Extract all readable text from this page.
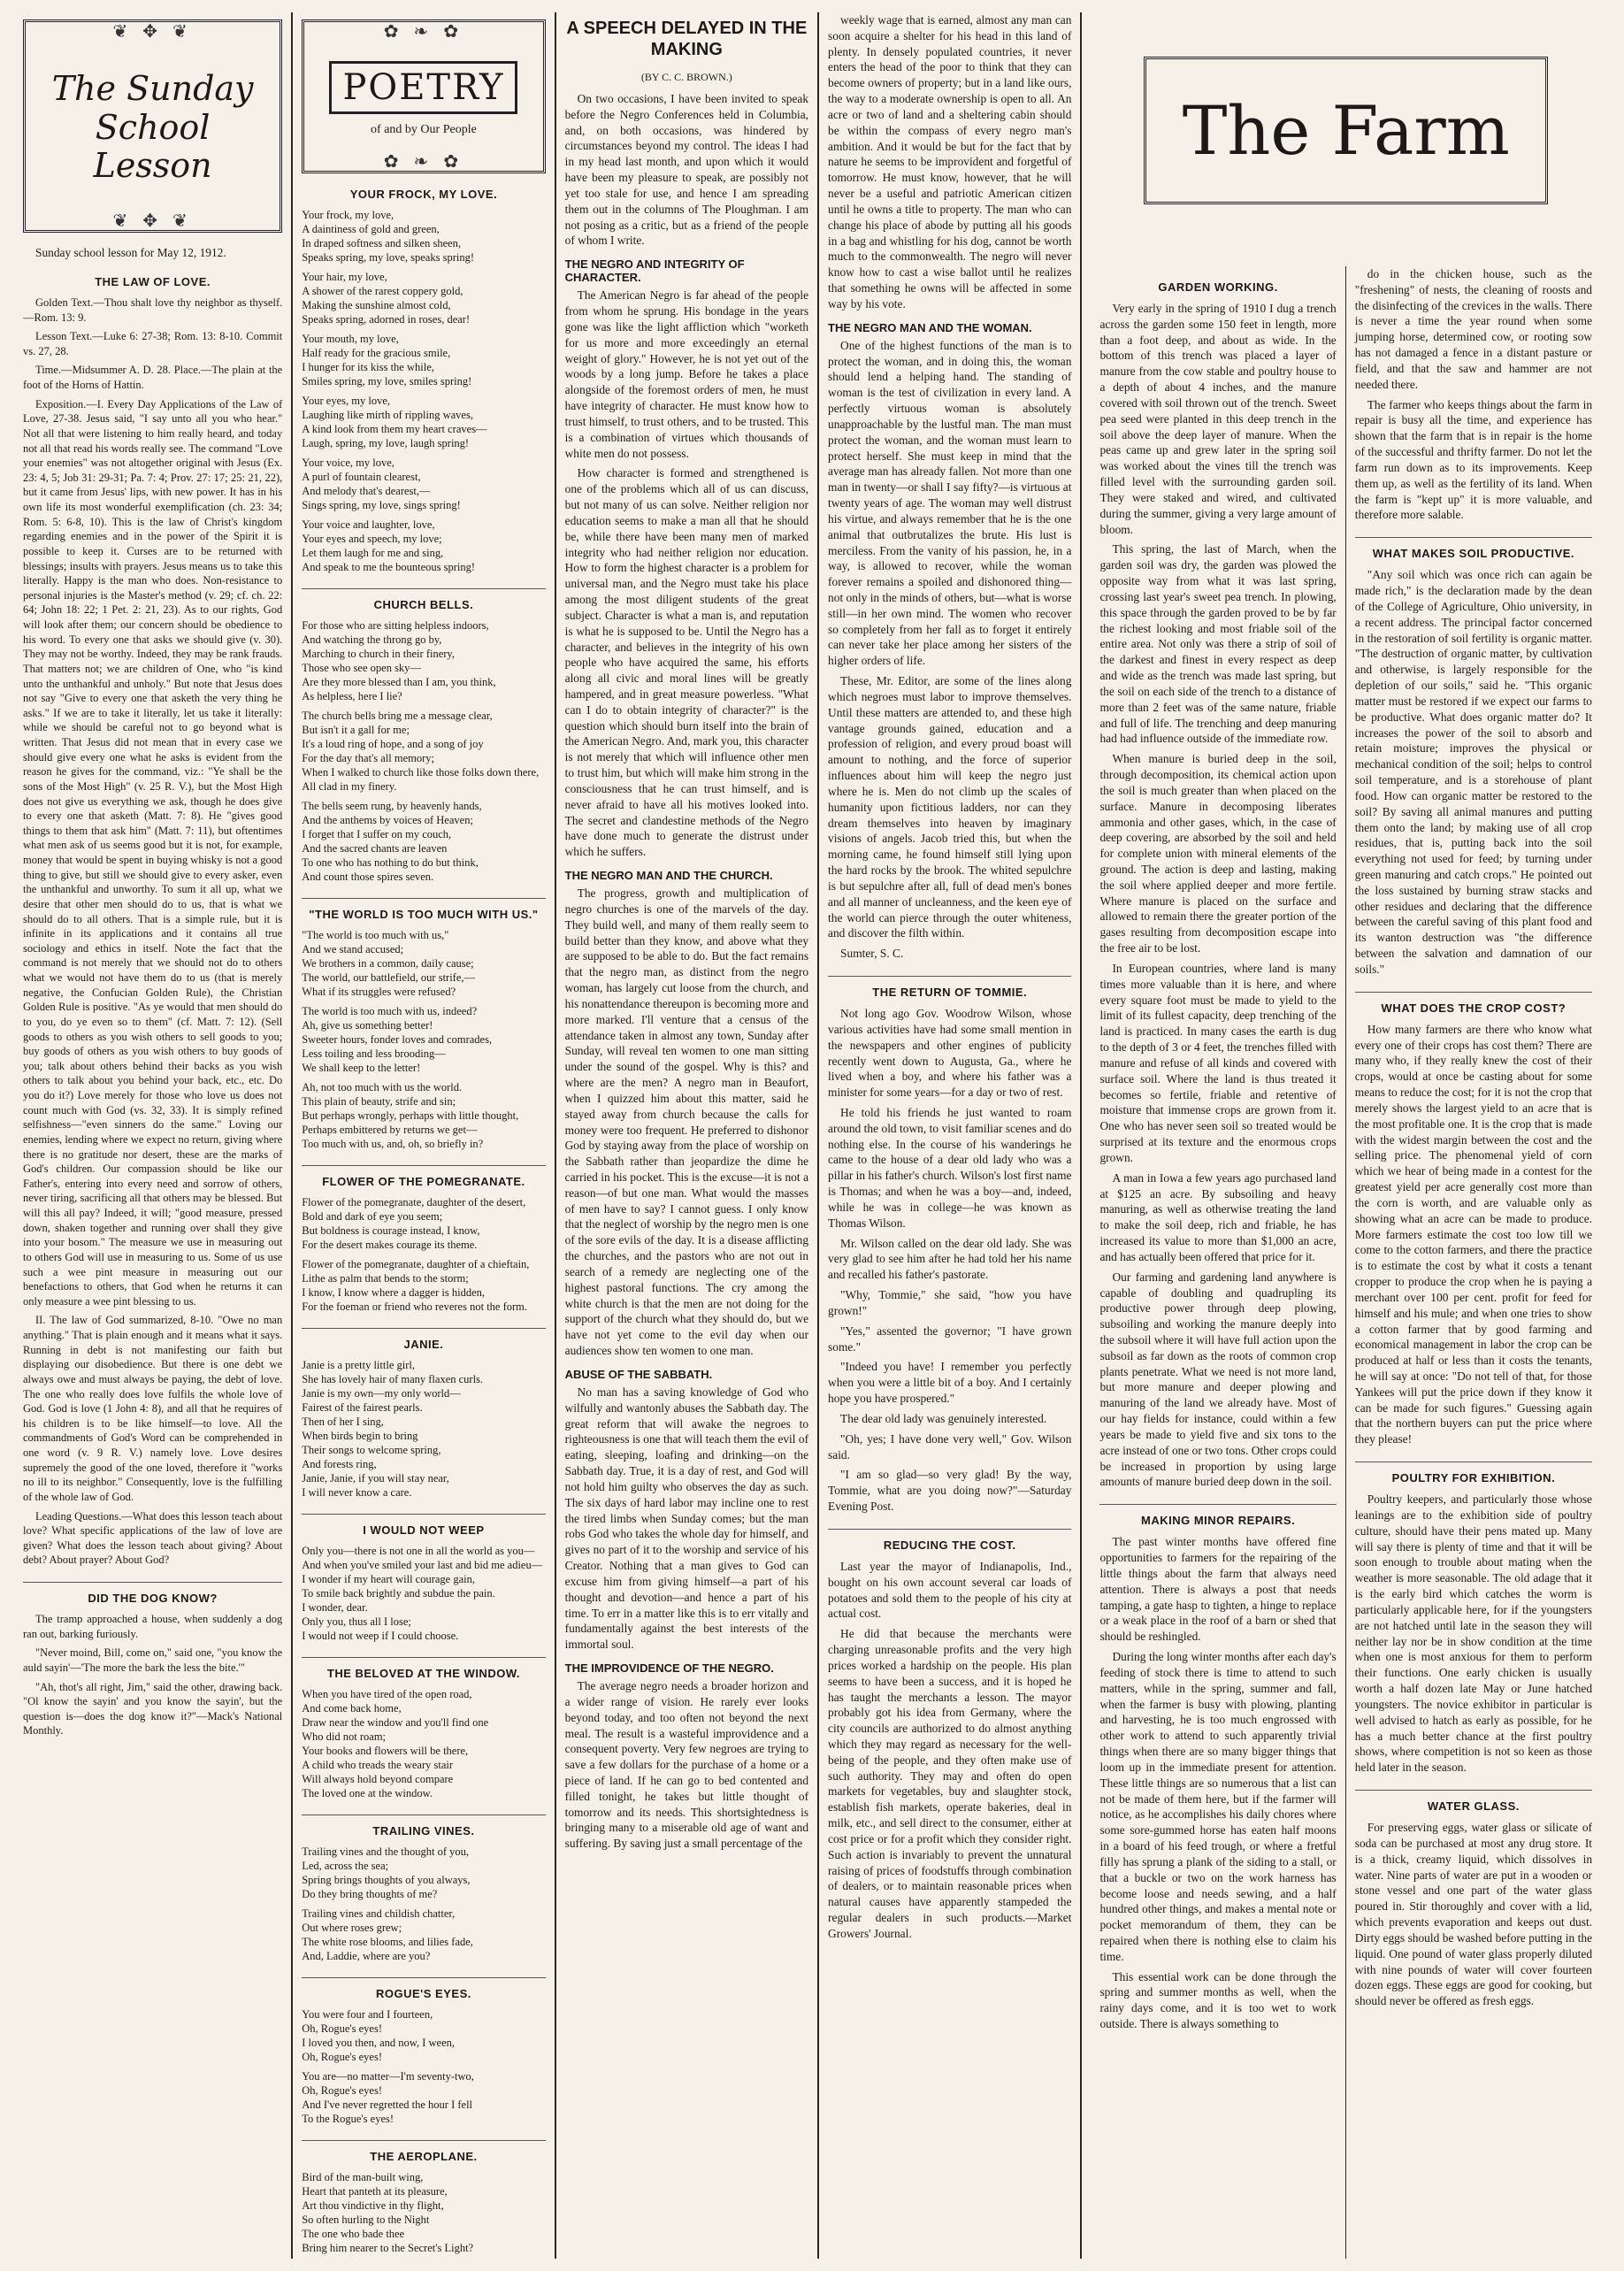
❦ ✥ ❦
The Sunday
School Lesson
❦ ✥ ❦

Sunday school lesson for May 12, 1912.

THE LAW OF LOVE.

Golden Text.—Thou shalt love thy neighbor as thyself.—Rom. 13: 9.

Lesson Text.—Luke 6: 27-38; Rom. 13: 8-10. Commit vs. 27, 28.

Time.—Midsummer A. D. 28. Place.—The plain at the foot of the Horns of Hattin.

Exposition.—I. Every Day Applications of the Law of Love, 27-38. Jesus said, "I say unto all you who hear." Not all that were listening to him really heard, and today not all that read his words really see. The command "Love your enemies" was not altogether original with Jesus (Ex. 23: 4, 5; Job 31: 29-31; Pa. 7: 4; Prov. 27: 17; 25: 21, 22), but it came from Jesus' lips, with new power. It has in his own life its most wonderful exemplification (ch. 23: 34; Rom. 5: 6-8, 10). This is the law of Christ's kingdom regarding enemies and in the power of the Spirit it is possible to keep it. Curses are to be returned with blessings; insults with prayers. Jesus means us to take this literally. Happy is the man who does. Non-resistance to personal injuries is the Master's method (v. 29; cf. ch. 22: 64; John 18: 22; 1 Pet. 2: 21, 23). As to our rights, God will look after them; our concern should be obedience to his word. To every one that asks we should give (v. 30). They may not be worthy. Indeed, they may be rank frauds. That matters not; we are children of One, who "is kind unto the unthankful and unholy." But note that Jesus does not say "Give to every one that asketh the very thing he asks." If we are to take it literally, let us take it literally: while we should be careful not to go beyond what is written. That Jesus did not mean that in every case we should give every one what he asks is evident from the reason he gives for the command, viz.: "Ye shall be the sons of the Most High" (v. 25 R. V.), but the Most High does not give us everything we ask, though he does give to every one that asketh (Matt. 7: 8). He "gives good things to them that ask him" (Matt. 7: 11), but oftentimes what men ask of us seems good but it is not, for example, money that would be spent in buying whisky is not a good thing to give, but still we should give to every asker, even the unthankful and unworthy. To sum it all up, what we desire that other men should do to us, that is what we should do to all others. That is a simple rule, but it is infinite in its applications and it contains all true sociology and ethics in itself. Note the fact that the command is not merely that we should not do to others what we would not have them do to us (that is merely negative, the Confucian Golden Rule), the Christian Golden Rule is positive. "As ye would that men should do to you, do ye even so to them" (cf. Matt. 7: 12). (Sell goods to others as you wish others to sell goods to you; buy goods of others as you wish others to buy goods of you; talk about others behind their backs as you wish others to talk about you behind your back, etc., etc. Do you do it?) Love merely for those who love us does not count much with God (vs. 32, 33). It is simply refined selfishness—"even sinners do the same." Loving our enemies, lending where we expect no return, giving where there is no gratitude nor desert, these are the marks of God's children. Our compassion should be like our Father's, entering into every need and sorrow of others, never tiring, sacrificing all that others may be blessed. But will this all pay? Indeed, it will; "good measure, pressed down, shaken together and running over shall they give into your bosom." The measure we use in measuring out to others God will use in measuring to us. Some of us use such a wee pint measure in measuring out our benefactions to others, that God when he returns it can only measure a wee pint blessing to us.

II. The law of God summarized, 8-10. "Owe no man anything." That is plain enough and it means what it says. Running in debt is not manifesting our faith but displaying our disobedience. But there is one debt we always owe and must always be paying, the debt of love. The one who really does love fulfils the whole love of God. God is love (1 John 4: 8), and all that he requires of his children is to be like himself—to love. All the commandments of God's Word can be comprehended in one word (v. 9 R. V.) namely love. Love desires supremely the good of the one loved, therefore it "works no ill to its neighbor." Consequently, love is the fulfilling of the whole law of God.

Leading Questions.—What does this lesson teach about love? What specific applications of the law of love are given? What does the lesson teach about giving? About debt? About prayer? About God?

DID THE DOG KNOW?

The tramp approached a house, when suddenly a dog ran out, barking furiously.

"Never moind, Bill, come on," said one, "you know the auld sayin'—'The more the bark the less the bite.'"

"Ah, thot's all right, Jim," said the other, drawing back. "Ol know the sayin' and you know the sayin', but the question is—does the dog know it?"—Mack's National Monthly.

✿ ❧ ✿
POETRY
of and by Our People
✿ ❧ ✿
YOUR FROCK, MY LOVE.
Your frock, my love,
A daintiness of gold and green,
In draped softness and silken sheen,
Speaks spring, my love, speaks spring!
Your hair, my love,
A shower of the rarest coppery gold,
Making the sunshine almost cold,
Speaks spring, adorned in roses, dear!
Your mouth, my love,
Half ready for the gracious smile,
I hunger for its kiss the while,
Smiles spring, my love, smiles spring!
Your eyes, my love,
Laughing like mirth of rippling waves,
A kind look from them my heart craves—
Laugh, spring, my love, laugh spring!
Your voice, my love,
A purl of fountain clearest,
And melody that's dearest,—
Sings spring, my love, sings spring!
Your voice and laughter, love,
Your eyes and speech, my love;
Let them laugh for me and sing,
And speak to me the bounteous spring!
CHURCH BELLS.
For those who are sitting helpless indoors,
And watching the throng go by,
Marching to church in their finery,
Those who see open sky—
Are they more blessed than I am, you think,
As helpless, here I lie?
The church bells bring me a message clear,
But isn't it a gall for me;
It's a loud ring of hope, and a song of joy
For the day that's all memory;
When I walked to church like those folks down there,
All clad in my finery.
The bells seem rung, by heavenly hands,
And the anthems by voices of Heaven;
I forget that I suffer on my couch,
And the sacred chants are leaven
To one who has nothing to do but think,
And count those spires seven.
"THE WORLD IS TOO MUCH WITH US."
"The world is too much with us,"
And we stand accused;
We brothers in a common, daily cause;
The world, our battlefield, our strife,—
What if its struggles were refused?
The world is too much with us, indeed?
Ah, give us something better!
Sweeter hours, fonder loves and comrades,
Less toiling and less brooding—
We shall keep to the letter!
Ah, not too much with us the world.
This plain of beauty, strife and sin;
But perhaps wrongly, perhaps with little thought,
Perhaps embittered by returns we get—
Too much with us, and, oh, so briefly in?
FLOWER OF THE POMEGRANATE.
Flower of the pomegranate, daughter of the desert,
Bold and dark of eye you seem;
But boldness is courage instead, I know,
For the desert makes courage its theme.
Flower of the pomegranate, daughter of a chieftain,
Lithe as palm that bends to the storm;
I know, I know where a dagger is hidden,
For the foeman or friend who reveres not the form.
JANIE.
Janie is a pretty little girl,
She has lovely hair of many flaxen curls.
Janie is my own—my only world—
Fairest of the fairest pearls.
Then of her I sing,
When birds begin to bring
Their songs to welcome spring,
And forests ring,
Janie, Janie, if you will stay near,
I will never know a care.
I WOULD NOT WEEP
Only you—there is not one in all the world as you—
And when you've smiled your last and bid me adieu—
I wonder if my heart will courage gain,
To smile back brightly and subdue the pain.
I wonder, dear.
Only you, thus all I lose;
I would not weep if I could choose.
THE BELOVED AT THE WINDOW.
When you have tired of the open road,
And come back home,
Draw near the window and you'll find one
Who did not roam;
Your books and flowers will be there,
A child who treads the weary stair
Will always hold beyond compare
The loved one at the window.
TRAILING VINES.
Trailing vines and the thought of you,
Led, across the sea;
Spring brings thoughts of you always,
Do they bring thoughts of me?
Trailing vines and childish chatter,
Out where roses grew;
The white rose blooms, and lilies fade,
And, Laddie, where are you?
ROGUE'S EYES.
You were four and I fourteen,
Oh, Rogue's eyes!
I loved you then, and now, I ween,
Oh, Rogue's eyes!
You are—no matter—I'm seventy-two,
Oh, Rogue's eyes!
And I've never regretted the hour I fell
To the Rogue's eyes!
THE AEROPLANE.
Bird of the man-built wing,
Heart that panteth at its pleasure,
Art thou vindictive in thy flight,
So often hurling to the Night
The one who bade thee
Bring him nearer to the Secret's Light?
A SPEECH DELAYED IN THE MAKING
(BY C. C. BROWN.)

On two occasions, I have been invited to speak before the Negro Conferences held in Columbia, and, on both occasions, was hindered by circumstances beyond my control. The ideas I had in my head last month, and upon which it would have been my pleasure to speak, are possibly not yet too stale for use, and hence I am spreading them out in the columns of The Ploughman. I am not posing as a critic, but as a friend of the people of whom I write.

THE NEGRO AND INTEGRITY OF CHARACTER.

The American Negro is far ahead of the people from whom he sprung. His bondage in the years gone was like the light affliction which "worketh for us more and more exceedingly an eternal weight of glory." However, he is not yet out of the woods by a long jump. Before he takes a place alongside of the foremost orders of men, he must have integrity of character. He must know how to trust himself, to trust others, and to be trusted. This is a combination of virtues which thousands of white men do not possess.

How character is formed and strengthened is one of the problems which all of us can discuss, but not many of us can solve. Neither religion nor education seems to make a man all that he should be, while there have been many men of marked integrity who had neither religion nor education. How to form the highest character is a problem for universal man, and the Negro must take his place among the most diligent students of the great subject. Character is what a man is, and reputation is what he is supposed to be. Until the Negro has a character, and believes in the integrity of his own people who have acquired the same, his efforts along all civic and moral lines will be greatly hampered, and in great measure powerless. "What can I do to obtain integrity of character?" is the question which should burn itself into the brain of the American Negro. And, mark you, this character is not merely that which will influence other men to trust him, but which will make him strong in the consciousness that he can trust himself, and is never afraid to have all his motives looked into. The secret and clandestine methods of the Negro have done much to generate the distrust under which he suffers.

THE NEGRO MAN AND THE CHURCH.

The progress, growth and multiplication of negro churches is one of the marvels of the day. They build well, and many of them really seem to build better than they know, and above what they are supposed to be able to do. But the fact remains that the negro man, as distinct from the negro woman, has largely cut loose from the church, and his nonattendance thereupon is becoming more and more marked. I'll venture that a census of the attendance taken in almost any town, Sunday after Sunday, will reveal ten women to one man sitting under the sound of the gospel. Why is this? and where are the men? A negro man in Beaufort, when I quizzed him about this matter, said he stayed away from church because the calls for money were too frequent. He preferred to dishonor God by staying away from the place of worship on the Sabbath rather than jeopardize the dime he carried in his pocket. This is the excuse—it is not a reason—of but one man. What would the masses of men have to say? I cannot guess. I only know that the neglect of worship by the negro men is one of the sore evils of the day. It is a disease afflicting the churches, and the pastors who are not out in search of a remedy are neglecting one of the highest pastoral functions. The cry among the white church is that the men are not doing for the support of the church what they should do, but we have not yet come to the evil day when our audiences show ten women to one man.

ABUSE OF THE SABBATH.

No man has a saving knowledge of God who wilfully and wantonly abuses the Sabbath day. The great reform that will awake the negroes to righteousness is one that will teach them the evil of eating, sleeping, loafing and drinking—on the Sabbath day. True, it is a day of rest, and God will not hold him guilty who observes the day as such. The six days of hard labor may incline one to rest the tired limbs when Sunday comes; but the man robs God who takes the whole day for himself, and gives no part of it to the worship and service of his Creator. Nothing that a man gives to God can excuse him from giving himself—a part of his thought and devotion—and hence a part of his time. To err in a matter like this is to err vitally and fundamentally against the best interests of the immortal soul.

THE IMPROVIDENCE OF THE NEGRO.

The average negro needs a broader horizon and a wider range of vision. He rarely ever looks beyond today, and too often not beyond the next meal. The result is a wasteful improvidence and a consequent poverty. Very few negroes are trying to save a few dollars for the purchase of a home or a piece of land. If he can go to bed contented and filled tonight, he takes but little thought of tomorrow and its needs. This shortsightedness is bringing many to a miserable old age of want and suffering. By saving just a small percentage of the

weekly wage that is earned, almost any man can soon acquire a shelter for his head in this land of plenty. In densely populated countries, it never enters the head of the poor to think that they can become owners of property; but in a land like ours, the way to a moderate ownership is open to all. An acre or two of land and a sheltering cabin should be within the compass of every negro man's ambition. And it would be but for the fact that by nature he seems to be improvident and forgetful of tomorrow. He must know, however, that he will never be a useful and patriotic American citizen until he owns a title to property. The man who can change his place of abode by putting all his goods in a bag and whistling for his dog, cannot be worth much to the commonwealth. The negro will never know how to cast a wise ballot until he realizes that something he owns will be affected in some way by his vote.

THE NEGRO MAN AND THE WOMAN.

One of the highest functions of the man is to protect the woman, and in doing this, the woman should lend a helping hand. The standing of woman is the test of civilization in every land. A perfectly virtuous woman is absolutely unapproachable by the lustful man. The man must protect the woman, and the woman must learn to protect herself. She must keep in mind that the average man has already fallen. Not more than one man in twenty—or shall I say fifty?—is virtuous at twenty years of age. The woman may well distrust his virtue, and always remember that he is the one animal that outbrutalizes the brute. His lust is merciless. From the vanity of his passion, he, in a way, is allowed to recover, while the woman forever remains a spoiled and dishonored thing—not only in the minds of others, but—what is worse still—in her own mind. The women who recover so completely from her fall as to forget it entirely can never take her place among her sisters of the higher orders of life.

These, Mr. Editor, are some of the lines along which negroes must labor to improve themselves. Until these matters are attended to, and these high vantage grounds gained, education and a profession of religion, and every proud boast will amount to nothing, and the force of superior influences about him will keep the negro just where he is. Men do not climb up the scales of humanity upon fictitious ladders, nor can they dream themselves into heaven by imaginary visions of angels. Jacob tried this, but when the morning came, he found himself still lying upon the hard rocks by the brook. The whited sepulchre is but sepulchre after all, full of dead men's bones and all manner of uncleanness, and the keen eye of the world can pierce through the outer whiteness, and discover the filth within.

Sumter, S. C.

THE RETURN OF TOMMIE.

Not long ago Gov. Woodrow Wilson, whose various activities have had some small mention in the newspapers and other engines of publicity recently went down to Augusta, Ga., where he lived when a boy, and where his father was a minister for some years—for a day or two of rest.

He told his friends he just wanted to roam around the old town, to visit familiar scenes and do nothing else. In the course of his wanderings he came to the house of a dear old lady who was a pillar in his father's church. Wilson's lost first name is Thomas; and when he was a boy—and, indeed, while he was in college—he was known as Thomas Wilson.

Mr. Wilson called on the dear old lady. She was very glad to see him after he had told her his name and recalled his father's pastorate.

"Why, Tommie," she said, "how you have grown!"

"Yes," assented the governor; "I have grown some."

"Indeed you have! I remember you perfectly when you were a little bit of a boy. And I certainly hope you have prospered."

The dear old lady was genuinely interested.

"Oh, yes; I have done very well," Gov. Wilson said.

"I am so glad—so very glad! By the way, Tommie, what are you doing now?"—Saturday Evening Post.

REDUCING THE COST.

Last year the mayor of Indianapolis, Ind., bought on his own account several car loads of potatoes and sold them to the people of his city at actual cost.

He did that because the merchants were charging unreasonable profits and the very high prices worked a hardship on the people. His plan seems to have been a success, and it is hoped he has taught the merchants a lesson. The mayor probably got his idea from Germany, where the city councils are authorized to do almost anything which they may regard as necessary for the well-being of the people, and they often make use of such authority. They may and often do open markets for vegetables, buy and slaughter stock, establish fish markets, operate bakeries, deal in milk, etc., and sell direct to the consumer, either at cost price or for a profit which they consider right. Such action is invariably to prevent the unnatural raising of prices of foodstuffs through combination of dealers, or to maintain reasonable prices when natural causes have apparently stampeded the regular dealers in such products.—Market Growers' Journal.

The Farm
GARDEN WORKING.

Very early in the spring of 1910 I dug a trench across the garden some 150 feet in length, more than a foot deep, and about as wide. In the bottom of this trench was placed a layer of manure from the cow stable and poultry house to a depth of about 4 inches, and the manure covered with soil thrown out of the trench. Sweet pea seed were planted in this deep trench in the soil above the deep layer of manure. When the peas came up and grew later in the spring soil was worked about the vines till the trench was filled level with the surrounding garden soil. They were staked and wired, and cultivated during the summer, giving a very large amount of bloom.

This spring, the last of March, when the garden soil was dry, the garden was plowed the opposite way from what it was last spring, crossing last year's sweet pea trench. In plowing, this space through the garden proved to be by far the richest looking and most friable soil of the entire area. Not only was there a strip of soil of the darkest and finest in every respect as deep and wide as the trench was made last spring, but the soil on each side of the trench to a distance of more than 2 feet was of the same nature, friable and full of life. The trenching and deep manuring had had influence outside of the immediate row.

When manure is buried deep in the soil, through decomposition, its chemical action upon the soil is much greater than when placed on the surface. Manure in decomposing liberates ammonia and other gases, which, in the case of deep covering, are absorbed by the soil and held for complete union with mineral elements of the ground. The action is deep and lasting, making the soil where applied deeper and more fertile. Where manure is placed on the surface and allowed to remain there the greater portion of the gases resulting from decomposition escape into the free air to be lost.

In European countries, where land is many times more valuable than it is here, and where every square foot must be made to yield to the limit of its fullest capacity, deep trenching of the land is practiced. In many cases the earth is dug to the depth of 3 or 4 feet, the trenches filled with manure and refuse of all kinds and covered with surface soil. Where the land is thus treated it becomes so fertile, friable and retentive of moisture that immense crops are grown from it. One who has never seen soil so treated would be surprised at its texture and the enormous crops grown.

A man in Iowa a few years ago purchased land at $125 an acre. By subsoiling and heavy manuring, as well as otherwise treating the land to make the soil deep, rich and friable, he has increased its value to more than $1,000 an acre, and has actually been offered that price for it.

Our farming and gardening land anywhere is capable of doubling and quadrupling its productive power through deep plowing, subsoiling and working the manure deeply into the subsoil where it will have full action upon the subsoil as far down as the roots of common crop plants penetrate. What we need is not more land, but more manure and deeper plowing and manuring of the land we already have. Most of our hay fields for instance, could within a few years be made to yield five and six tons to the acre instead of one or two tons. Other crops could be increased in proportion by using large amounts of manure buried deep down in the soil.

MAKING MINOR REPAIRS.

The past winter months have offered fine opportunities to farmers for the repairing of the little things about the farm that always need attention. There is always a post that needs tamping, a gate hasp to tighten, a hinge to replace or a weak place in the roof of a barn or shed that should be reshingled.

During the long winter months after each day's feeding of stock there is time to attend to such matters, while in the spring, summer and fall, when the farmer is busy with plowing, planting and harvesting, he is too much engrossed with other work to attend to such apparently trivial things when there are so many bigger things that loom up in the immediate present for attention. These little things are so numerous that a list can not be made of them here, but if the farmer will notice, as he accomplishes his daily chores where some sore-gummed horse has eaten half moons in a board of his feed trough, or where a fretful filly has sprung a plank of the siding to a stall, or that a buckle or two on the work harness has become loose and needs sewing, and a half hundred other things, and makes a mental note or pocket memorandum of them, they can be repaired when there is nothing else to claim his time.

This essential work can be done through the spring and summer months as well, when the rainy days come, and it is too wet to work outside. There is always something to

do in the chicken house, such as the "freshening" of nests, the cleaning of roosts and the disinfecting of the crevices in the walls. There is never a time the year round when some jumping horse, determined cow, or rooting sow has not damaged a fence in a distant pasture or field, and that the saw and hammer are not needed there.

The farmer who keeps things about the farm in repair is busy all the time, and experience has shown that the farm that is in repair is the home of the successful and thrifty farmer. Do not let the farm run down as to its improvements. Keep them up, as well as the fertility of its land. When the farm is "kept up" it is more valuable, and therefore more salable.

WHAT MAKES SOIL PRODUCTIVE.

"Any soil which was once rich can again be made rich," is the declaration made by the dean of the College of Agriculture, Ohio university, in a recent address. The principal factor concerned in the restoration of soil fertility is organic matter. "The destruction of organic matter, by cultivation and otherwise, is largely responsible for the depletion of our soils," said he. "This organic matter must be restored if we expect our farms to be productive. What does organic matter do? It increases the power of the soil to absorb and retain moisture; improves the physical or mechanical condition of the soil; helps to control soil temperature, and is a storehouse of plant food. How can organic matter be restored to the soil? By saving all animal manures and putting them onto the land; by making use of all crop residues, that is, putting back into the soil everything not used for feed; by turning under green manuring and catch crops." He pointed out the loss sustained by burning straw stacks and other residues and declaring that the difference between the careful saving of this plant food and its wanton destruction was "the difference between the salvation and damnation of our soils."

WHAT DOES THE CROP COST?

How many farmers are there who know what every one of their crops has cost them? There are many who, if they really knew the cost of their crops, would at once be casting about for some means to reduce the cost; for it is not the crop that merely shows the largest yield to an acre that is the most profitable one. It is the crop that is made with the widest margin between the cost and the selling price. The phenomenal yield of corn which we hear of being made in a contest for the greatest yield per acre generally cost more than the corn is worth, and are valuable only as showing what an acre can be made to produce. More farmers estimate the cost too low till we come to the cotton farmers, and there the practice is to estimate the cost by what it costs a tenant cropper to produce the crop when he is paying a merchant over 100 per cent. profit for feed for himself and his mule; and when one tries to show a cotton farmer that by good farming and economical management in labor the crop can be produced at half or less than it costs the tenants, he will say at once: "Do not tell of that, for those Yankees will put the price down if they know it can be made for such figures." Guessing again that the northern buyers can put the price where they please!

POULTRY FOR EXHIBITION.

Poultry keepers, and particularly those whose leanings are to the exhibition side of poultry culture, should have their pens mated up. Many will say there is plenty of time and that it will be soon enough to trouble about mating when the weather is more seasonable. The old adage that it is the early bird which catches the worm is particularly applicable here, for if the youngsters are not hatched until late in the season they will neither lay nor be in show condition at the time when one is most anxious for them to perform their functions. One early chicken is usually worth a half dozen late May or June hatched youngsters. The novice exhibitor in particular is well advised to hatch as early as possible, for he has a much better chance at the first poultry shows, where competition is not so keen as those held later in the season.

WATER GLASS.

For preserving eggs, water glass or silicate of soda can be purchased at most any drug store. It is a thick, creamy liquid, which dissolves in water. Nine parts of water are put in a wooden or stone vessel and one part of the water glass poured in. Stir thoroughly and cover with a lid, which prevents evaporation and keeps out dust. Dirty eggs should be washed before putting in the liquid. One pound of water glass properly diluted with nine pounds of water will cover fourteen dozen eggs. These eggs are good for cooking, but should never be offered as fresh eggs.
